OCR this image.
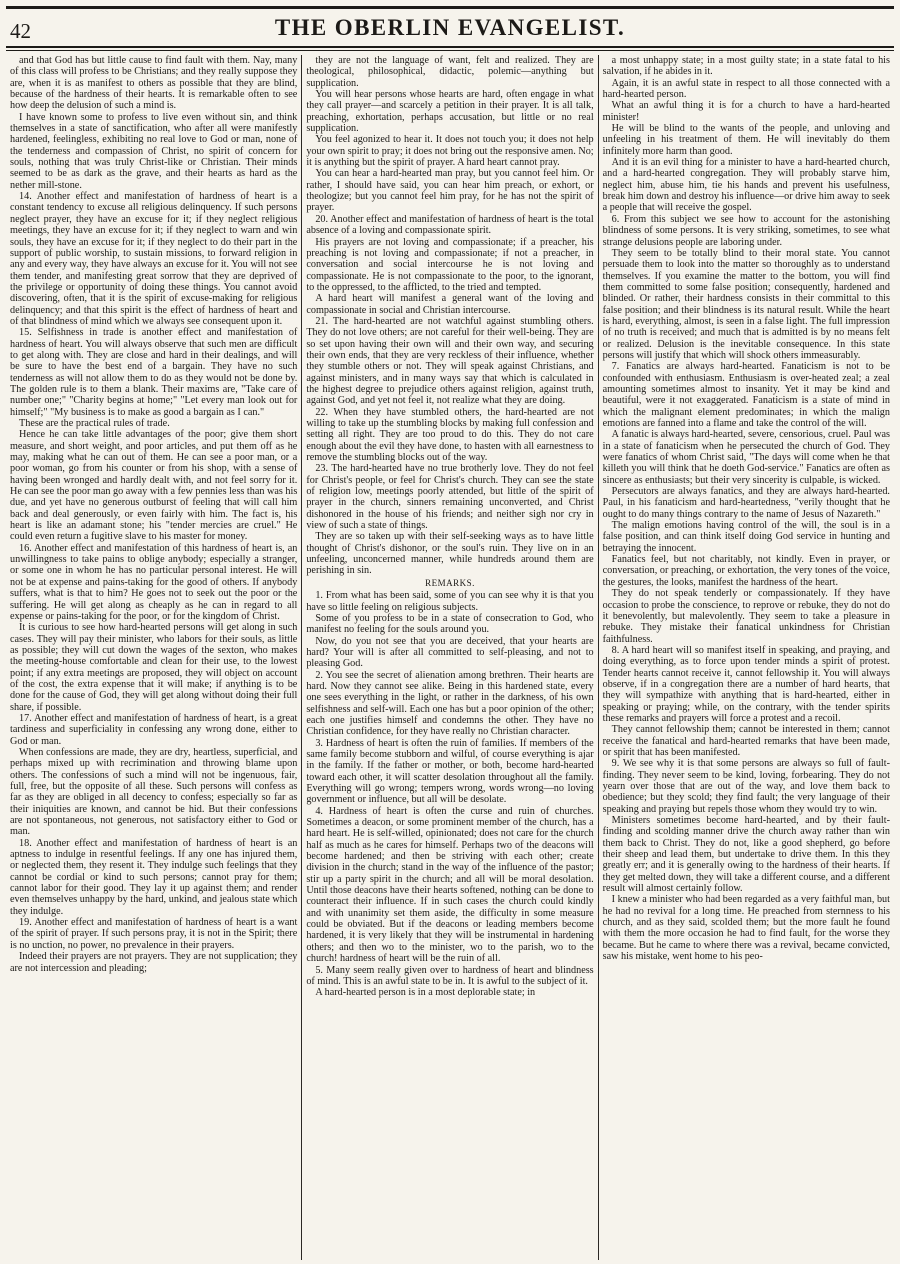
42	THE OBERLIN EVANGELIST.

and that God has but little cause to find fault with them. Nay, many of this class will profess to be Christians; and they really suppose they are, when it is as manifest to others as possible that they are blind, because of the hardness of their hearts. It is remarkable often to see how deep the delusion of such a mind is.

I have known some to profess to live even without sin, and think themselves in a state of sanctification, who after all were manifestly hardened, feelingless, exhibiting no real love to God or man, none of the tenderness and compassion of Christ, no spirit of concern for souls, nothing that was truly Christ-like or Christian. Their minds seemed to be as dark as the grave, and their hearts as hard as the nether mill-stone.

14. Another effect and manifestation of hardness of heart is a constant tendency to excuse all religious delinquency. If such persons neglect prayer, they have an excuse for it; if they neglect religious meetings, they have an excuse for it; if they neglect to warn and win souls, they have an excuse for it; if they neglect to do their part in the support of public worship, to sustain missions, to forward religion in any and every way, they have always an excuse for it. You will not see them tender, and manifesting great sorrow that they are deprived of the privilege or opportunity of doing these things. You cannot avoid discovering, often, that it is the spirit of excuse-making for religious delinquency; and that this spirit is the effect of hardness of heart and of that blindness of mind which we always see consequent upon it.

15. Selfishness in trade is another effect and manifestation of hardness of heart. You will always observe that such men are difficult to get along with. They are close and hard in their dealings, and will be sure to have the best end of a bargain. They have no such tenderness as will not allow them to do as they would not be done by. The golden rule is to them a blank. Their maxims are, "Take care of number one;" "Charity begins at home;" "Let every man look out for himself;" "My business is to make as good a bargain as I can."

These are the practical rules of trade.

Hence he can take little advantages of the poor; give them short measure, and short weight, and poor articles, and put them off as he may, making what he can out of them. He can see a poor man, or a poor woman, go from his counter or from his shop, with a sense of having been wronged and hardly dealt with, and not feel sorry for it. He can see the poor man go away with a few pennies less than was his due, and yet have no generous outburst of feeling that will call him back and deal generously, or even fairly with him. The fact is, his heart is like an adamant stone; his "tender mercies are cruel." He could even return a fugitive slave to his master for money.

16. Another effect and manifestation of this hardness of heart is, an unwillingness to take pains to oblige anybody; especially a stranger, or some one in whom he has no particular personal interest. He will not be at expense and pains-taking for the good of others. If anybody suffers, what is that to him? He goes not to seek out the poor or the suffering. He will get along as cheaply as he can in regard to all expense or pains-taking for the poor, or for the kingdom of Christ.

It is curious to see how hard-hearted persons will get along in such cases. They will pay their minister, who labors for their souls, as little as possible; they will cut down the wages of the sexton, who makes the meeting-house comfortable and clean for their use, to the lowest point; if any extra meetings are proposed, they will object on account of the cost, the extra expense that it will make; if anything is to be done for the cause of God, they will get along without doing their full share, if possible.

17. Another effect and manifestation of hardness of heart, is a great tardiness and superficiality in confessing any wrong done, either to God or man.

When confessions are made, they are dry, heartless, superficial, and perhaps mixed up with recrimination and throwing blame upon others. The confessions of such a mind will not be ingenuous, fair, full, free, but the opposite of all these. Such persons will confess as far as they are obliged in all decency to confess; especially so far as their iniquities are known, and cannot be hid. But their confessions are not spontaneous, not generous, not satisfactory either to God or man.

18. Another effect and manifestation of hardness of heart is an aptness to indulge in resentful feelings. If any one has injured them, or neglected them, they resent it. They indulge such feelings that they cannot be cordial or kind to such persons; cannot pray for them; cannot labor for their good. They lay it up against them; and render even themselves unhappy by the hard, unkind, and jealous state which they indulge.

19. Another effect and manifestation of hardness of heart is a want of the spirit of prayer. If such persons pray, it is not in the Spirit; there is no unction, no power, no prevalence in their prayers.

Indeed their prayers are not prayers. They are not supplication; they are not intercession and pleading;

they are not the language of want, felt and realized. They are theological, philosophical, didactic, polemic—anything but supplication.

You will hear persons whose hearts are hard, often engage in what they call prayer—and scarcely a petition in their prayer. It is all talk, preaching, exhortation, perhaps accusation, but little or no real supplication.

You feel agonized to hear it. It does not touch you; it does not help your own spirit to pray; it does not bring out the responsive amen. No; it is anything but the spirit of prayer. A hard heart cannot pray.

You can hear a hard-hearted man pray, but you cannot feel him. Or rather, I should have said, you can hear him preach, or exhort, or theologize; but you cannot feel him pray, for he has not the spirit of prayer.

20. Another effect and manifestation of hardness of heart is the total absence of a loving and compassionate spirit.

His prayers are not loving and compassionate; if a preacher, his preaching is not loving and compassionate; if not a preacher, in conversation and social intercourse he is not loving and compassionate. He is not compassionate to the poor, to the ignorant, to the oppressed, to the afflicted, to the tried and tempted.

A hard heart will manifest a general want of the loving and compassionate in social and Christian intercourse.

21. The hard-hearted are not watchful against stumbling others. They do not love others; are not careful for their well-being. They are so set upon having their own will and their own way, and securing their own ends, that they are very reckless of their influence, whether they stumble others or not. They will speak against Christians, and against ministers, and in many ways say that which is calculated in the highest degree to prejudice others against religion, against truth, against God, and yet not feel it, not realize what they are doing.

22. When they have stumbled others, the hard-hearted are not willing to take up the stumbling blocks by making full confession and setting all right. They are too proud to do this. They do not care enough about the evil they have done, to hasten with all earnestness to remove the stumbling blocks out of the way.

23. The hard-hearted have no true brotherly love. They do not feel for Christ's people, or feel for Christ's church. They can see the state of religion low, meetings poorly attended, but little of the spirit of prayer in the church, sinners remaining unconverted, and Christ dishonored in the house of his friends; and neither sigh nor cry in view of such a state of things.

They are so taken up with their self-seeking ways as to have little thought of Christ's dishonor, or the soul's ruin. They live on in an unfeeling, unconcerned manner, while hundreds around them are perishing in sin.

REMARKS.

1. From what has been said, some of you can see why it is that you have so little feeling on religious subjects.

Some of you profess to be in a state of consecration to God, who manifest no feeling for the souls around you.

Now, do you not see that you are deceived, that your hearts are hard? Your will is after all committed to self-pleasing, and not to pleasing God.

2. You see the secret of alienation among brethren. Their hearts are hard. Now they cannot see alike. Being in this hardened state, every one sees everything in the light, or rather in the darkness, of his own selfishness and self-will. Each one has but a poor opinion of the other; each one justifies himself and condemns the other. They have no Christian confidence, for they have really no Christian character.

3. Hardness of heart is often the ruin of families. If members of the same family become stubborn and wilful, of course everything is ajar in the family. If the father or mother, or both, become hard-hearted toward each other, it will scatter desolation throughout all the family. Everything will go wrong; tempers wrong, words wrong—no loving government or influence, but all will be desolate.

4. Hardness of heart is often the curse and ruin of churches. Sometimes a deacon, or some prominent member of the church, has a hard heart. He is self-willed, opinionated; does not care for the church half as much as he cares for himself. Perhaps two of the deacons will become hardened; and then be striving with each other; create division in the church; stand in the way of the influence of the pastor; stir up a party spirit in the church; and all will be moral desolation. Until those deacons have their hearts softened, nothing can be done to counteract their influence. If in such cases the church could kindly and with unanimity set them aside, the difficulty in some measure could be obviated. But if the deacons or leading members become hardened, it is very likely that they will be instrumental in hardening others; and then wo to the minister, wo to the parish, wo to the church! hardness of heart will be the ruin of all.

5. Many seem really given over to hardness of heart and blindness of mind. This is an awful state to be in. It is awful to the subject of it.

A hard-hearted person is in a most deplorable state; in

a most unhappy state; in a most guilty state; in a state fatal to his salvation, if he abides in it.

Again, it is an awful state in respect to all those connected with a hard-hearted person.

What an awful thing it is for a church to have a hard-hearted minister!

He will be blind to the wants of the people, and unloving and unfeeling in his treatment of them. He will inevitably do them infinitely more harm than good.

And it is an evil thing for a minister to have a hard-hearted church, and a hard-hearted congregation. They will probably starve him, neglect him, abuse him, tie his hands and prevent his usefulness, break him down and destroy his influence—or drive him away to seek a people that will receive the gospel.

6. From this subject we see how to account for the astonishing blindness of some persons. It is very striking, sometimes, to see what strange delusions people are laboring under.

They seem to be totally blind to their moral state. You cannot persuade them to look into the matter so thoroughly as to understand themselves. If you examine the matter to the bottom, you will find them committed to some false position; consequently, hardened and blinded. Or rather, their hardness consists in their committal to this false position; and their blindness is its natural result. While the heart is hard, everything, almost, is seen in a false light. The full impression of no truth is received; and much that is admitted is by no means felt or realized. Delusion is the inevitable consequence. In this state persons will justify that which will shock others immeasurably.

7. Fanatics are always hard-hearted. Fanaticism is not to be confounded with enthusiasm. Enthusiasm is over-heated zeal; a zeal amounting sometimes almost to insanity. Yet it may be kind and beautiful, were it not exaggerated. Fanaticism is a state of mind in which the malignant element predominates; in which the malign emotions are fanned into a flame and take the control of the will.

A fanatic is always hard-hearted, severe, censorious, cruel. Paul was in a state of fanaticism when he persecuted the church of God. They were fanatics of whom Christ said, "The days will come when he that killeth you will think that he doeth God-service." Fanatics are often as sincere as enthusiasts; but their very sincerity is culpable, is wicked.

Persecutors are always fanatics, and they are always hard-hearted. Paul, in his fanaticism and hard-heartedness, "verily thought that he ought to do many things contrary to the name of Jesus of Nazareth."

The malign emotions having control of the will, the soul is in a false position, and can think itself doing God service in hunting and betraying the innocent.

Fanatics feel, but not charitably, not kindly. Even in prayer, or conversation, or preaching, or exhortation, the very tones of the voice, the gestures, the looks, manifest the hardness of the heart.

They do not speak tenderly or compassionately. If they have occasion to probe the conscience, to reprove or rebuke, they do not do it benevolently, but malevolently. They seem to take a pleasure in rebuke. They mistake their fanatical unkindness for Christian faithfulness.

8. A hard heart will so manifest itself in speaking, and praying, and doing everything, as to force upon tender minds a spirit of protest. Tender hearts cannot receive it, cannot fellowship it. You will always observe, if in a congregation there are a number of hard hearts, that they will sympathize with anything that is hard-hearted, either in speaking or praying; while, on the contrary, with the tender spirits these remarks and prayers will force a protest and a recoil.

They cannot fellowship them; cannot be interested in them; cannot receive the fanatical and hard-hearted remarks that have been made, or spirit that has been manifested.

9. We see why it is that some persons are always so full of fault-finding. They never seem to be kind, loving, forbearing. They do not yearn over those that are out of the way, and love them back to obedience; but they scold; they find fault; the very language of their speaking and praying but repels those whom they would try to win.

Ministers sometimes become hard-hearted, and by their fault-finding and scolding manner drive the church away rather than win them back to Christ. They do not, like a good shepherd, go before their sheep and lead them, but undertake to drive them. In this they greatly err; and it is generally owing to the hardness of their hearts. If they get melted down, they will take a different course, and a different result will almost certainly follow.

I knew a minister who had been regarded as a very faithful man, but he had no revival for a long time. He preached from sternness to his church, and as they said, scolded them; but the more fault he found with them the more occasion he had to find fault, for the worse they became. But he came to where there was a revival, became convicted, saw his mistake, went home to his peo-
